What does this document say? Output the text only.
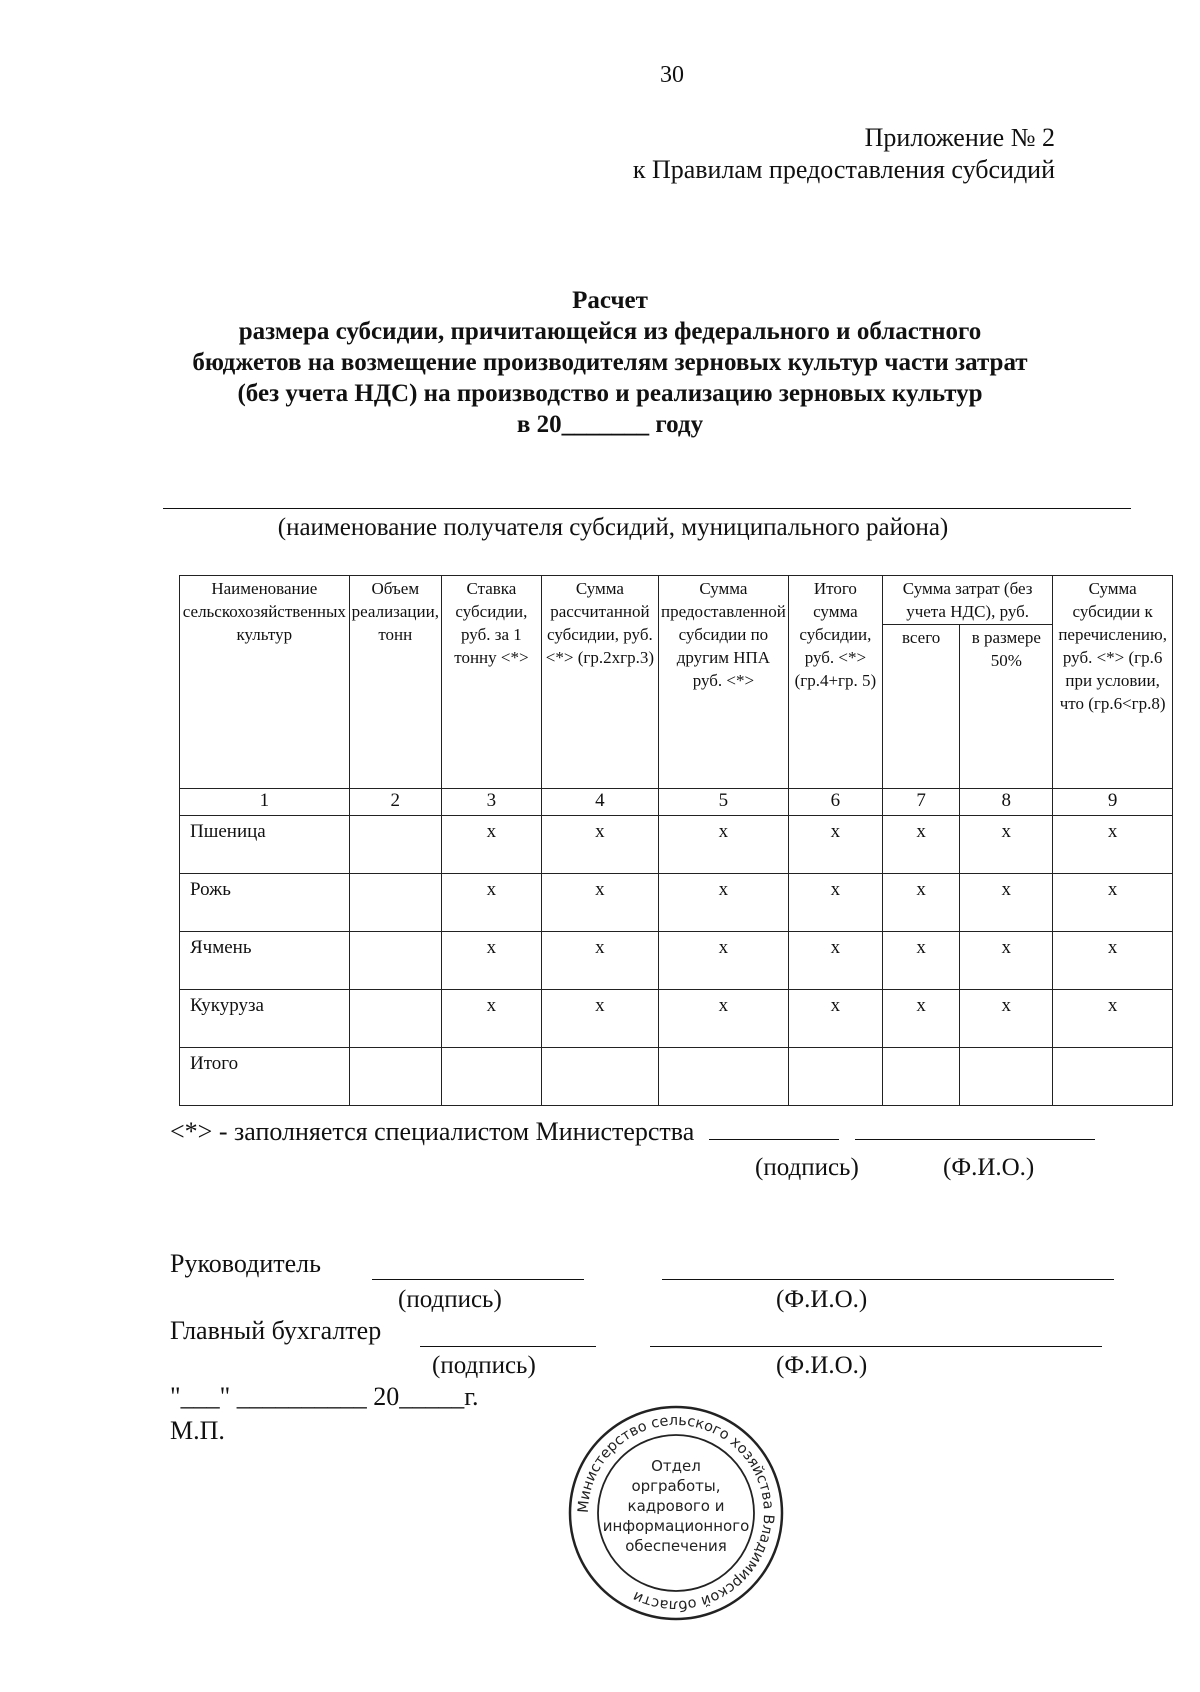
30
Приложение № 2
к Правилам предоставления субсидий
Расчет
размера субсидии, причитающейся из федерального и областного
бюджетов на возмещение производителям зерновых культур части затрат
(без учета НДС) на производство и реализацию зерновых культур
в 20_______ году
(наименование получателя субсидий, муниципального района)
Наименование сельскохозяйственных культур	Объем реализации, тонн	Ставка субсидии, руб. за 1 тонну <*>	Сумма рассчитанной субсидии, руб. <*> (гр.2хгр.3)	Сумма предоставленной субсидии по другим НПА руб. <*>	Итого сумма субсидии, руб. <*> (гр.4+гр. 5)	Сумма затрат (без учета НДС), руб.		Сумма субсидии к перечислению, руб. <*> (гр.6 при условии, что (гр.6<гр.8)
						всего	в размере 50%	
1	2	3	4	5	6	7	8	9
Пшеница		x	x	x	x	x	x	x
Рожь		x	x	x	x	x	x	x
Ячмень		x	x	x	x	x	x	x
Кукуруза		x	x	x	x	x	x	x
Итого								
<*> - заполняется специалистом Министерства
(подпись)	(Ф.И.О.)
Руководитель
(подпись)	(Ф.И.О.)
Главный бухгалтер
(подпись)	(Ф.И.О.)
"___" __________ 20_____г.
М.П.
Министерство сельского хозяйства Владимирской области
Отдел
оргработы,
кадрового и
информационного
обеспечения
